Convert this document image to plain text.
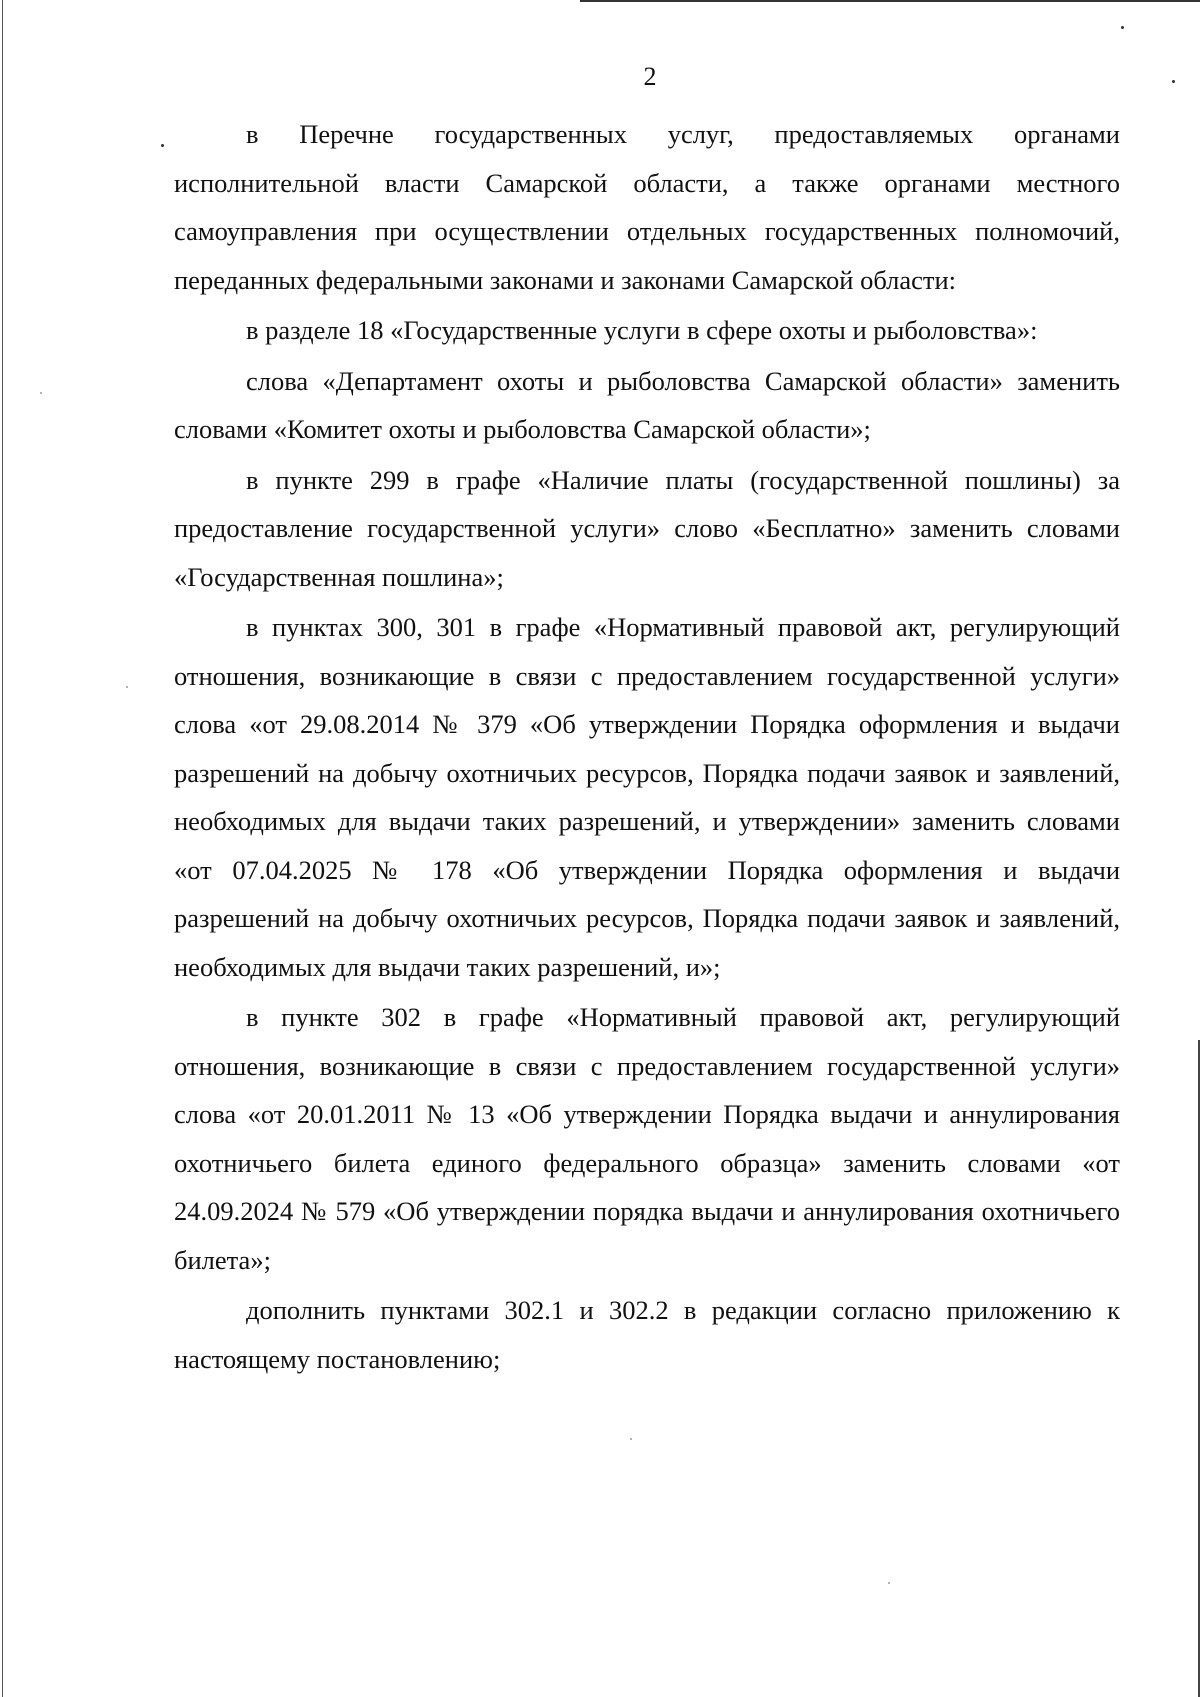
2

в Перечне государственных услуг, предоставляемых органами исполнительной власти Самарской области, а также органами местного самоуправления при осуществлении отдельных государственных полномочий, переданных федеральными законами и законами Самарской области:

в разделе 18 «Государственные услуги в сфере охоты и рыболовства»:

слова «Департамент охоты и рыболовства Самарской области» заменить словами «Комитет охоты и рыболовства Самарской области»;

в пункте 299 в графе «Наличие платы (государственной пошлины) за предоставление государственной услуги» слово «Бесплатно» заменить словами «Государственная пошлина»;

в пунктах 300, 301 в графе «Нормативный правовой акт, регулирующий отношения, возникающие в связи с предоставлением государственной услуги» слова «от 29.08.2014 № 379 «Об утверждении Порядка оформления и выдачи разрешений на добычу охотничьих ресурсов, Порядка подачи заявок и заявлений, необходимых для выдачи таких разрешений, и утверждении» заменить словами «от 07.04.2025 № 178 «Об утверждении Порядка оформления и выдачи разрешений на добычу охотничьих ресурсов, Порядка подачи заявок и заявлений, необходимых для выдачи таких разрешений, и»;

в пункте 302 в графе «Нормативный правовой акт, регулирующий отношения, возникающие в связи с предоставлением государственной услуги» слова «от 20.01.2011 № 13 «Об утверждении Порядка выдачи и аннулирования охотничьего билета единого федерального образца» заменить словами «от 24.09.2024 № 579 «Об утверждении порядка выдачи и аннулирования охотничьего билета»;

дополнить пунктами 302.1 и 302.2 в редакции согласно приложению к настоящему постановлению;
